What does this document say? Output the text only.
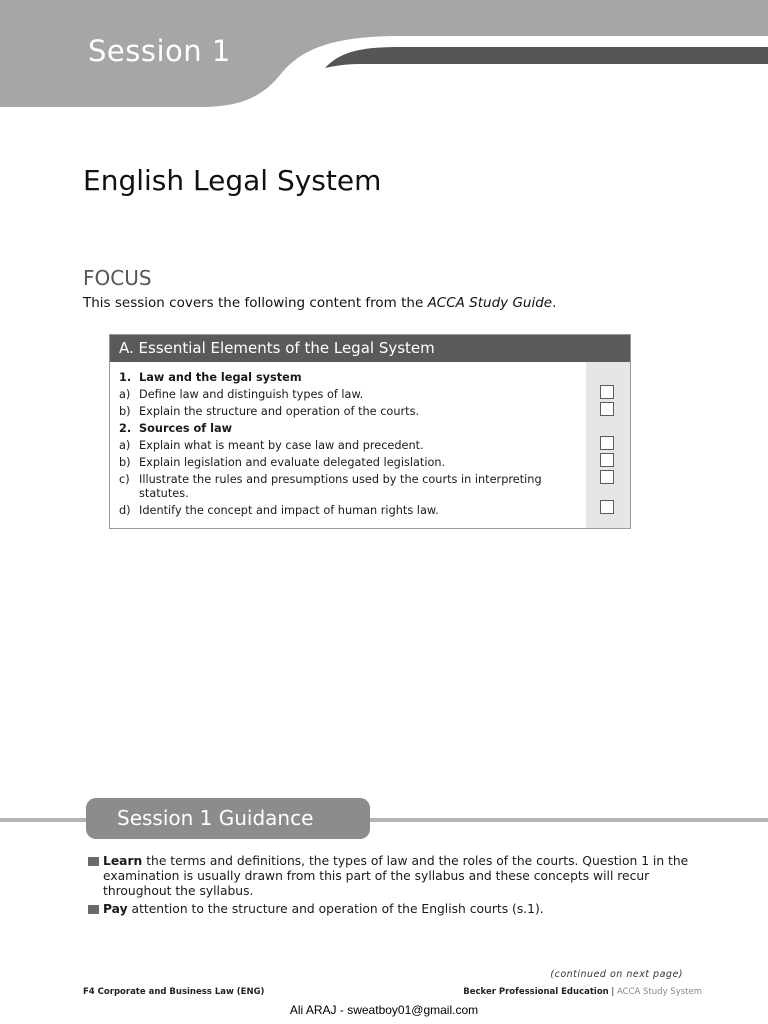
Session 1
English Legal System
FOCUS
This session covers the following content from the ACCA Study Guide.
A. Essential Elements of the Legal System
1. Law and the legal system
a) Define law and distinguish types of law.
b) Explain the structure and operation of the courts.
2. Sources of law
a) Explain what is meant by case law and precedent.
b) Explain legislation and evaluate delegated legislation.
c) Illustrate the rules and presumptions used by the courts in interpreting statutes.
d) Identify the concept and impact of human rights law.
Session 1 Guidance
Learn the terms and definitions, the types of law and the roles of the courts. Question 1 in the examination is usually drawn from this part of the syllabus and these concepts will recur throughout the syllabus.
Pay attention to the structure and operation of the English courts (s.1).
(continued on next page)
F4 Corporate and Business Law (ENG)	Becker Professional Education | ACCA Study System
Ali ARAJ - sweatboy01@gmail.com
